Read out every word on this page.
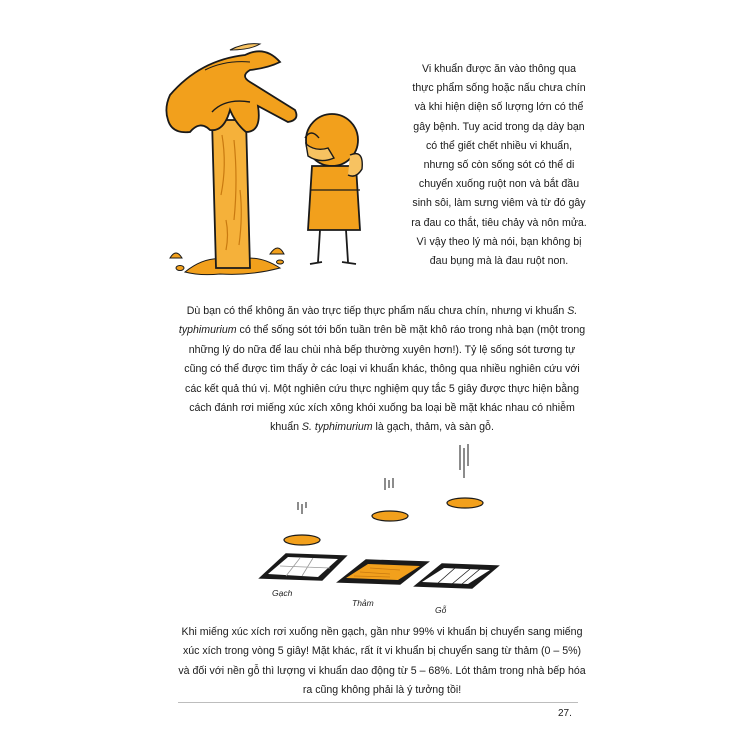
Vi khuẩn được ăn vào thông qua thực phẩm sống hoặc nấu chưa chín và khi hiện diện số lượng lớn có thể gây bệnh. Tuy acid trong dạ dày bạn có thể giết chết nhiều vi khuẩn, nhưng số còn sống sót có thể di chuyển xuống ruột non và bắt đầu sinh sôi, làm sưng viêm và từ đó gây ra đau co thắt, tiêu chảy và nôn mửa. Vì vậy theo lý mà nói, bạn không bị đau bụng mà là đau ruột non.

Dù bạn có thể không ăn vào trực tiếp thực phẩm nấu chưa chín, nhưng vi khuẩn S. typhimurium có thể sống sót tới bốn tuần trên bề mặt khô ráo trong nhà bạn (một trong những lý do nữa để lau chùi nhà bếp thường xuyên hơn!). Tỷ lệ sống sót tương tự cũng có thể được tìm thấy ở các loại vi khuẩn khác, thông qua nhiều nghiên cứu với các kết quả thú vị. Một nghiên cứu thực nghiệm quy tắc 5 giây được thực hiện bằng cách đánh rơi miếng xúc xích xông khói xuống ba loại bề mặt khác nhau có nhiễm khuẩn S. typhimurium là gạch, thảm, và sàn gỗ.

Gạch
Thảm
Gỗ

Khi miếng xúc xích rơi xuống nền gạch, gần như 99% vi khuẩn bị chuyển sang miếng xúc xích trong vòng 5 giây! Mặt khác, rất ít vi khuẩn bị chuyển sang từ thảm (0 – 5%) và đối với nền gỗ thì lượng vi khuẩn dao động từ 5 – 68%. Lót thảm trong nhà bếp hóa ra cũng không phải là ý tưởng tồi!

27.
